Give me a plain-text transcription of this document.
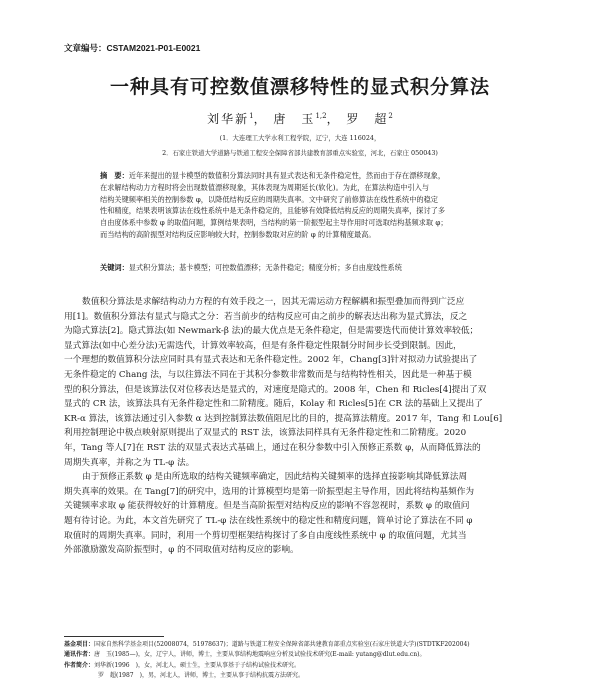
文章编号：CSTAM2021-P01-E0021
一种具有可控数值漂移特性的显式积分算法
刘华新$^1$， 唐　玉$^{1,2}$， 罗　超$^2$
(1．大连理工大学水利工程学院，辽宁，大连 116024，
2．石家庄铁道大学道路与铁道工程安全保障省部共建教育部重点实验室，河北，石家庄 050043)
摘　要：近年来提出的显卡模型的数值积分算法同时具有显式表达和无条件稳定性，然而由于存在漂移现象，
在求解结构动力方程时将会出现数值漂移现象，其体表现为周期延长(软化)。为此，在算法构造中引入与
结构关键频率相关的控制参数 φ，以降低结构反应的周期失真率。文中研究了前修算法在线性系统中的稳定
性和精度，结果表明该算法在线性系统中是无条件稳定的，且能够有效降低结构反应的周期失真率，探讨了多
自由度体系中参数 φ 的取值问题，算例结果表明，当结构的第一阶振型起主导作用时可选取结构基频求取 φ；
而当结构的高阶振型对结构反应影响较大时，控制参数取对应的阶 φ 的计算精度最高。
关键词：显式积分算法；基卡模型；可控数值漂移；无条件稳定；精度分析；多自由度线性系统
数值积分算法是求解结构动力方程的有效手段之一，因其无需运动方程解耦和振型叠加而得到广泛应
用[1]。数值积分算法有显式与隐式之分：若当前步的结构反应可由之前步的解表达出称为显式算法，反之
为隐式算法[2]。隐式算法(如 Newmark-β 法)的最大优点是无条件稳定，但是需要迭代而使计算效率较低；
显式算法(如中心差分法)无需迭代，计算效率较高，但是有条件稳定性限制分时间步长受到限制。因此，
一个理想的数值算积分法应同时具有显式表达和无条件稳定性。2002 年，Chang[3]针对拟动力试验提出了
无条件稳定的 Chang 法，与以往算法不同在于其积分参数非常数而是与结构特性相关，因此是一种基于模
型的积分算法，但是该算法仅对位移表达是显式的，对速度是隐式的。2008 年，Chen 和 Ricles[4]提出了双
显式的 CR 法，该算法具有无条件稳定性和二阶精度。随后，Kolay 和 Ricles[5]在 CR 法的基础上又提出了
KR-α 算法，该算法通过引入参数 α 达到控制算法数值阻尼比的目的，提高算法精度。2017 年，Tang 和 Lou[6]
利用控制理论中极点映射原则提出了双显式的 RST 法，该算法同样具有无条件稳定性和二阶精度。2020
年，Tang 等人[7]在 RST 法的双显式表达式基础上，通过在积分参数中引入预修正系数 φ，从而降低算法的
周期失真率，并称之为 TL-φ 法。
由于预修正系数 φ 是由所选取的结构关键频率确定，因此结构关键频率的选择直接影响其降低算法周
期失真率的效果。在 Tang[7]的研究中，选用的计算模型均是第一阶振型起主导作用，因此将结构基频作为
关键频率求取 φ 能获得较好的计算精度。但是当高阶振型对结构反应的影响不容忽视时，系数 φ 的取值问
题有待讨论。为此，本文首先研究了 TL-φ 法在线性系统中的稳定性和精度问题，简单讨论了算法在不同 φ
取值时的周期失真率。同时，利用一个剪切型框架结构探讨了多自由度线性系统中 φ 的取值问题，尤其当
外部激励激发高阶振型时，φ 的不同取值对结构反应的影响。
基金项目：国家自然科学基金项目(52008074，51978637)；道路与铁道工程安全保障省部共建教育部重点实验室(石家庄铁道大学)(STDTKF202004)
通讯作者：唐　玉(1985—)，女，辽宁人，讲师，博士，主要从事结构地震响应分析及试验技术研究(E-mail: yutang@dlut.edu.cn)。
作者简介：刘华新(1996　)，女，河北人，硕士生，主要从事基于子结构试验技术研究。
罗　超(1987　)，男，河北人，讲师，博士，主要从事于结构抗震方法研究。
